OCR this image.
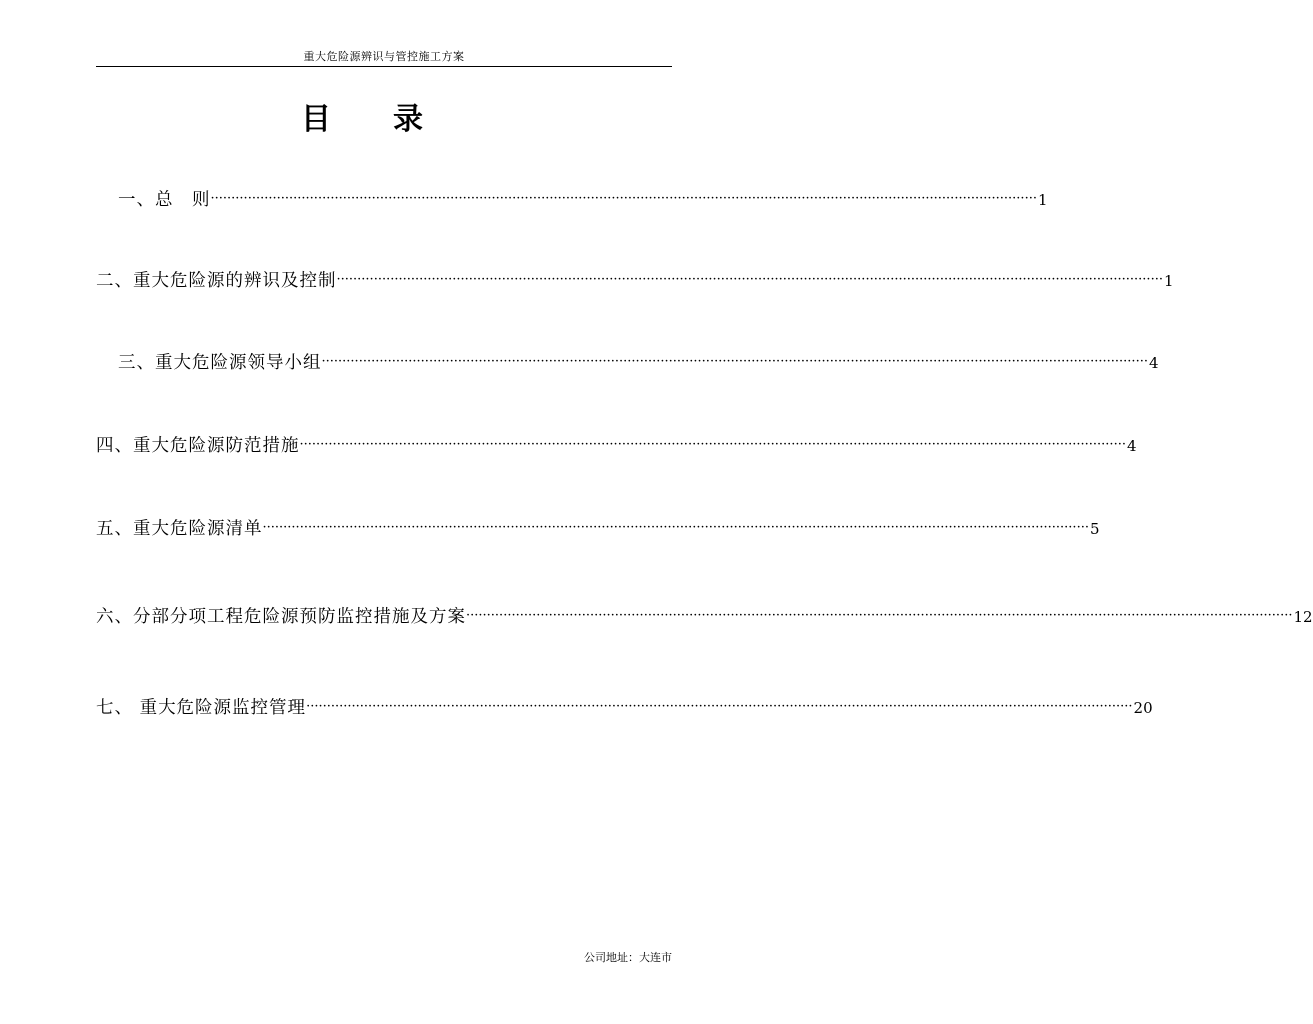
重大危险源辨识与管控施工方案
目 录
一、总　则 ········································································································································································································ 1
二、重大危险源的辨识及控制 ········································································································································································································ 1
三、重大危险源领导小组 ········································································································································································································ 4
四、重大危险源防范措施 ········································································································································································································ 4
五、重大危险源清单 ········································································································································································································ 5
六、分部分项工程危险源预防监控措施及方案 ········································································································································································································ 12
七、 重大危险源监控管理 ········································································································································································································ 20
公司地址：大连市
